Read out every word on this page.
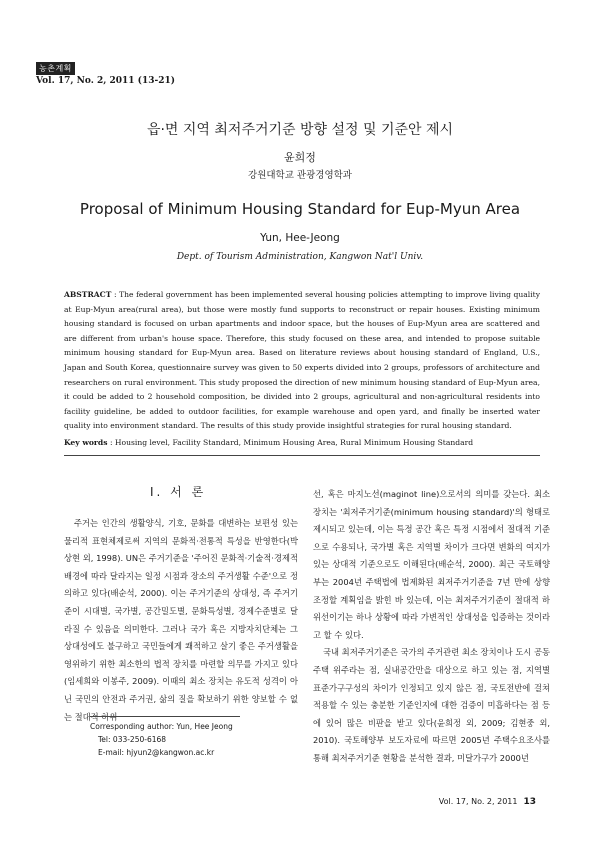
농촌계획
Vol. 17, No. 2, 2011 (13-21)
읍·면 지역 최저주거기준 방향 설정 및 기준안 제시
윤희정
강원대학교 관광경영학과
Proposal of Minimum Housing Standard for Eup-Myun Area
Yun, Hee-Jeong
Dept. of Tourism Administration, Kangwon Nat'l Univ.
ABSTRACT : The federal government has been implemented several housing policies attempting to improve living quality at Eup-Myun area(rural area), but those were mostly fund supports to reconstruct or repair houses. Existing minimum housing standard is focused on urban apartments and indoor space, but the houses of Eup-Myun area are scattered and are different from urban's house space. Therefore, this study focused on these area, and intended to propose suitable minimum housing standard for Eup-Myun area. Based on literature reviews about housing standard of England, U.S., Japan and South Korea, questionnaire survey was given to 50 experts divided into 2 groups, professors of architecture and researchers on rural environment. This study proposed the direction of new minimum housing standard of Eup-Myun area, it could be added to 2 household composition, be divided into 2 groups, agricultural and non-agricultural residents into facility guideline, be added to outdoor facilities, for example warehouse and open yard, and finally be inserted water quality into environment standard. The results of this study provide insightful strategies for rural housing standard.
Key words : Housing level, Facility Standard, Minimum Housing Area, Rural Minimum Housing Standard
Ⅰ. 서 론

주거는 인간의 생활양식, 기호, 문화를 대변하는 보편성 있는 물리적 표현체제로써 지역의 문화적·전통적 특성을 반영한다(박상현 외, 1998). UN은 주거기준을 '주어진 문화적·기술적·경제적 배경에 따라 달라지는 일정 시점과 장소의 주거생활 수준'으로 정의하고 있다(배순석, 2000). 이는 주거기준의 상대성, 즉 주거기준이 시대별, 국가별, 공간밀도별, 문화특성별, 경제수준별로 달라질 수 있음을 의미한다. 그러나 국가 혹은 지방자치단체는 그 상대성에도 불구하고 국민들에게 쾌적하고 살기 좋은 주거생활을 영위하기 위한 최소한의 법적 장치를 마련할 의무를 가지고 있다(임세희와 이봉주, 2009). 이때의 최소 장치는 유도적 성격이 아닌 국민의 안전과 주거권, 삶의 질을 확보하기 위한 양보할 수 없는 절대적 하위

선, 혹은 마지노선(maginot line)으로서의 의미를 갖는다. 최소 장치는 '최저주거기준(minimum housing standard)'의 형태로 제시되고 있는데, 이는 특정 공간 혹은 특정 시점에서 절대적 기준으로 수용되나, 국가별 혹은 지역별 차이가 크다면 변화의 여지가 있는 상대적 기준으로도 이해된다(배순석, 2000). 최근 국토해양부는 2004년 주택법에 법제화된 최저주거기준을 7년 만에 상향조정할 계획임을 밝힌 바 있는데, 이는 최저주거기준이 절대적 하위선이기는 하나 상황에 따라 가변적인 상대성을 입증하는 것이라고 할 수 있다.

국내 최저주거기준은 국가의 주거관련 최소 장치이나 도시 공동주택 위주라는 점, 실내공간만을 대상으로 하고 있는 점, 지역별 표준가구구성의 차이가 인정되고 있지 않은 점, 국토전반에 걸쳐 적용할 수 있는 충분한 기준인지에 대한 검증이 미흡하다는 점 등에 있어 많은 비판을 받고 있다(윤희정 외, 2009; 김현중 외, 2010). 국토해양부 보도자료에 따르면 2005년 주택수요조사를 통해 최저주거기준 현황을 분석한 결과, 미달가구가 2000년

Corresponding author: Yun, Hee Jeong
Tel: 033-250-6168
E-mail: hjyun2@kangwon.ac.kr
Vol. 17, No. 2, 2011 13
